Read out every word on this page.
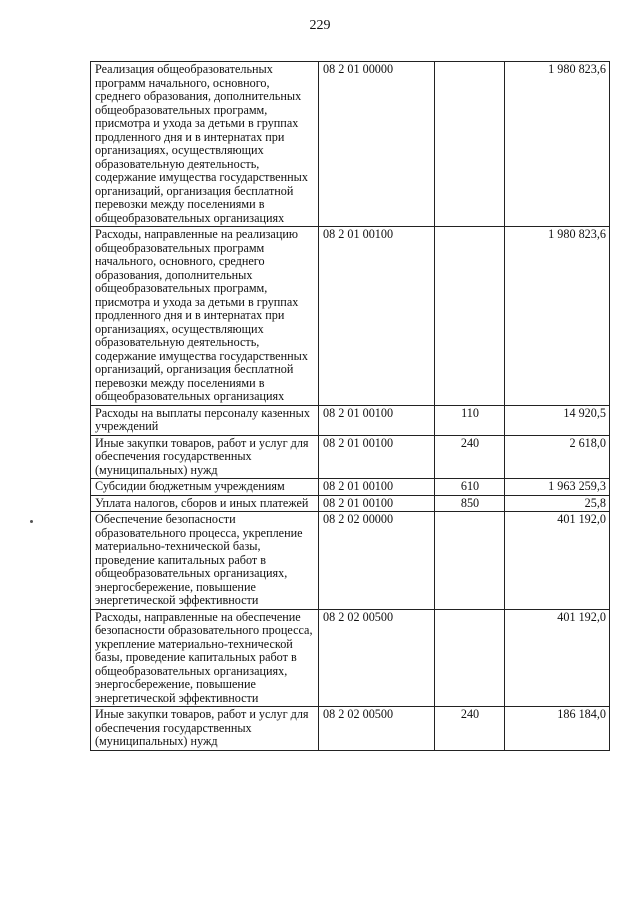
229
Реализация общеобразовательных программ начального, основного, среднего образования, дополнительных общеобразовательных программ, присмотра и ухода за детьми в группах продленного дня и в интернатах при организациях, осуществляющих образовательную деятельность, содержание имущества государственных организаций, организация бесплатной перевозки между поселениями в общеобразовательных организациях	08 2 01 00000		1 980 823,6
Расходы, направленные на реализацию общеобразовательных программ начального, основного, среднего образования, дополнительных общеобразовательных программ, присмотра и ухода за детьми в группах продленного дня и в интернатах при организациях, осуществляющих образовательную деятельность, содержание имущества государственных организаций, организация бесплатной перевозки между поселениями в общеобразовательных организациях	08 2 01 00100		1 980 823,6
Расходы на выплаты персоналу казенных учреждений	08 2 01 00100	110	14 920,5
Иные закупки товаров, работ и услуг для обеспечения государственных (муниципальных) нужд	08 2 01 00100	240	2 618,0
Субсидии бюджетным учреждениям	08 2 01 00100	610	1 963 259,3
Уплата налогов, сборов и иных платежей	08 2 01 00100	850	25,8
Обеспечение безопасности образовательного процесса, укрепление материально-технической базы, проведение капитальных работ в общеобразовательных организациях, энергосбережение, повышение энергетической эффективности	08 2 02 00000		401 192,0
Расходы, направленные на обеспечение безопасности образовательного процесса, укрепление материально-технической базы, проведение капитальных работ в общеобразовательных организациях, энергосбережение, повышение энергетической эффективности	08 2 02 00500		401 192,0
Иные закупки товаров, работ и услуг для обеспечения государственных (муниципальных) нужд	08 2 02 00500	240	186 184,0
